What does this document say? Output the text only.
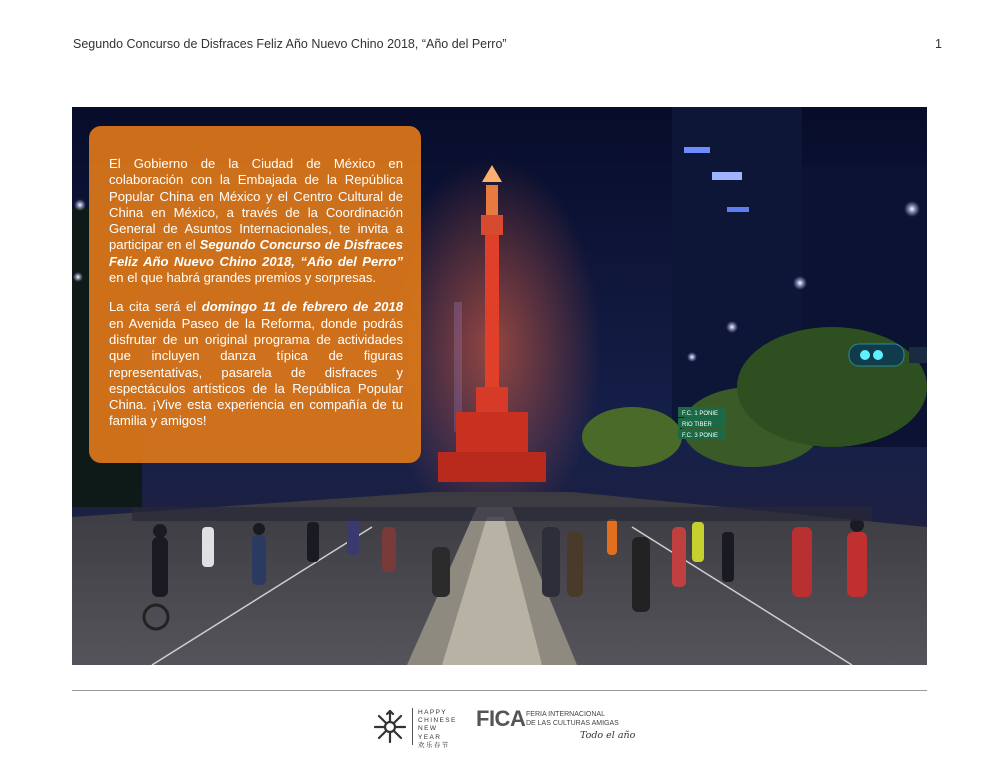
Segundo Concurso de Disfraces Feliz Año Nuevo Chino 2018, “Año del Perro”	1
F.C. 1 PONIE
RIO TIBER
F.C. 3 PONIE

El Gobierno de la Ciudad de México en colaboración con la Embajada de la República Popular China en México y el Centro Cultural de China en México, a través de la Coordinación General de Asuntos Internacionales, te invita a participar en el Segundo Concurso de Disfraces Feliz Año Nuevo Chino 2018, “Año del Perro” en el que habrá grandes premios y sorpresas.

La cita será el domingo 11 de febrero de 2018 en Avenida Paseo de la Reforma, donde podrás disfrutar de un original programa de actividades que incluyen danza típica de figuras representativas, pasarela de disfraces y espectáculos artísticos de la República Popular China. ¡Vive esta experiencia en compañía de tu familia y amigos!

HAPPY
CHINESE
NEW YEAR
欢乐春节
FICA FERIA INTERNACIONAL
DE LAS CULTURAS AMIGAS
Todo el año
